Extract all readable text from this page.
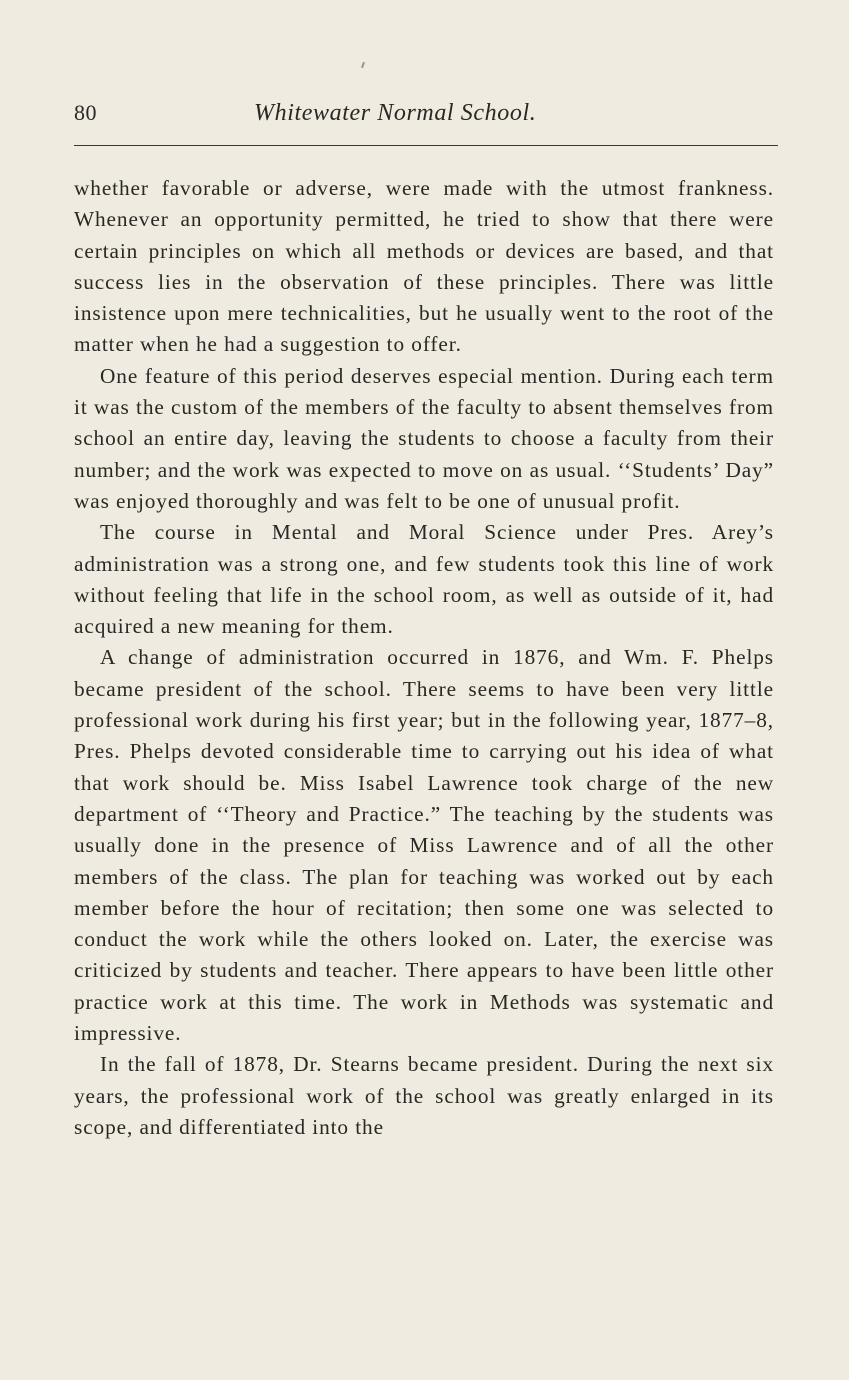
80	Whitewater Normal School.

whether favorable or adverse, were made with the utmost frankness. Whenever an opportunity permitted, he tried to show that there were certain principles on which all methods or devices are based, and that success lies in the observation of these principles. There was little insistence upon mere technicalities, but he usually went to the root of the matter when he had a suggestion to offer.

One feature of this period deserves especial mention. During each term it was the custom of the members of the faculty to absent themselves from school an entire day, leaving the students to choose a faculty from their number; and the work was expected to move on as usual. ‘‘Students’ Day” was enjoyed thoroughly and was felt to be one of unusual profit.

The course in Mental and Moral Science under Pres. Arey’s administration was a strong one, and few students took this line of work without feeling that life in the school room, as well as outside of it, had acquired a new meaning for them.

A change of administration occurred in 1876, and Wm. F. Phelps became president of the school. There seems to have been very little professional work during his first year; but in the following year, 1877–8, Pres. Phelps devoted considerable time to carrying out his idea of what that work should be. Miss Isabel Lawrence took charge of the new department of ‘‘Theory and Practice.” The teaching by the students was usually done in the presence of Miss Lawrence and of all the other members of the class. The plan for teaching was worked out by each member before the hour of recitation; then some one was selected to conduct the work while the others looked on. Later, the exercise was criticized by students and teacher. There appears to have been little other practice work at this time. The work in Methods was systematic and impressive.

In the fall of 1878, Dr. Stearns became president. During the next six years, the professional work of the school was greatly enlarged in its scope, and differentiated into the
